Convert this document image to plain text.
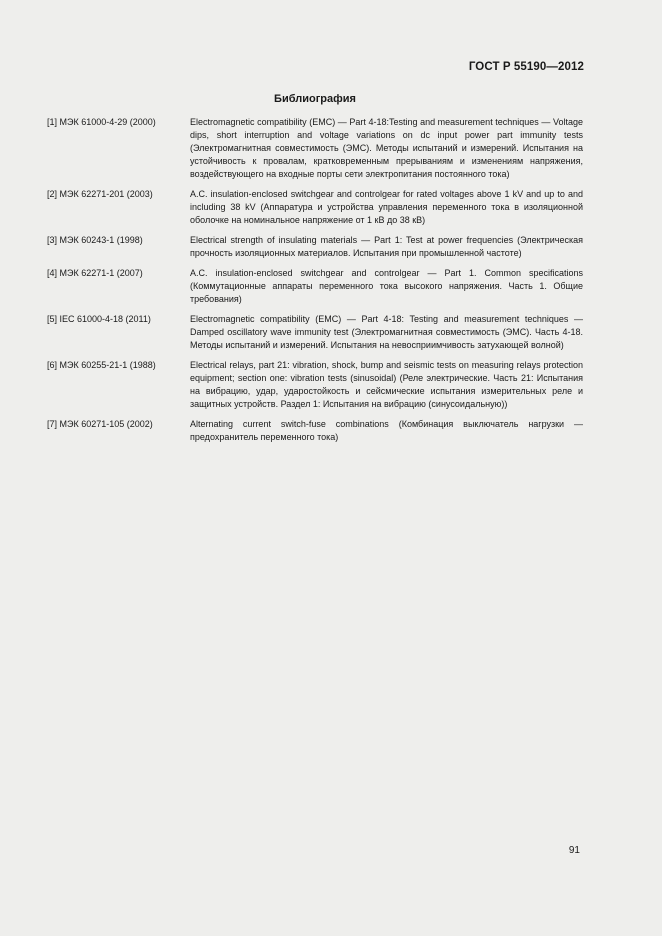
ГОСТ Р 55190—2012
Библиография
[1] МЭК 61000-4-29 (2000)	Electromagnetic compatibility (EMC) — Part 4-18:Testing and measurement techniques — Voltage dips, short interruption and voltage variations on dc input power part immunity tests (Электромагнитная совместимость (ЭМС). Методы испытаний и измерений. Испытания на устойчивость к провалам, кратковременным прерываниям и изменениям напряжения, воздействующего на входные порты сети электропитания постоянного тока)
[2] МЭК 62271-201 (2003)	A.C. insulation-enclosed switchgear and controlgear for rated voltages above 1 kV and up to and including 38 kV (Аппаратура и устройства управления переменного тока в изоляционной оболочке на номинальное напряжение от 1 кВ до 38 кВ)
[3] МЭК 60243-1 (1998)	Electrical strength of insulating materials — Part 1: Test at power frequencies (Электрическая прочность изоляционных материалов. Испытания при промышленной частоте)
[4] МЭК 62271-1 (2007)	A.C. insulation-enclosed switchgear and controlgear — Part 1. Common specifications (Коммутационные аппараты переменного тока высокого напряжения. Часть 1. Общие требования)
[5] IEC 61000-4-18 (2011)	Electromagnetic compatibility (EMC) — Part 4-18: Testing and measurement techniques — Damped oscillatory wave immunity test (Электромагнитная совместимость (ЭМС). Часть 4-18. Методы испытаний и измерений. Испытания на невосприимчивость затухающей волной)
[6] МЭК 60255-21-1 (1988)	Electrical relays, part 21: vibration, shock, bump and seismic tests on measuring relays protection equipment; section one: vibration tests (sinusoidal) (Реле электрические. Часть 21: Испытания на вибрацию, удар, ударостойкость и сейсмические испытания измерительных реле и защитных устройств. Раздел 1: Испытания на вибрацию (синусоидальную))
[7] МЭК 60271-105 (2002)	Alternating current switch-fuse combinations (Комбинация выключатель нагрузки — предохранитель переменного тока)
91
